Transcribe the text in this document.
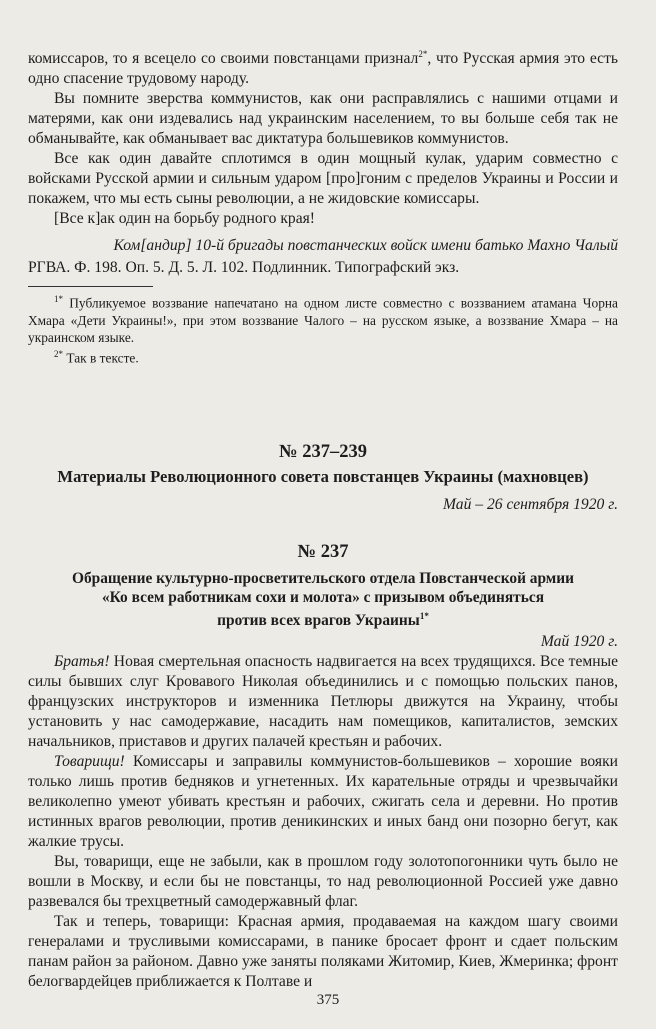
комиссаров, то я всецело со своими повстанцами признал$^{2*}$, что Русская армия это есть одно спасение трудовому народу.

Вы помните зверства коммунистов, как они расправлялись с нашими отцами и матерями, как они издевались над украинским населением, то вы больше себя так не обманывайте, как обманывает вас диктатура большевиков коммунистов.

Все как один давайте сплотимся в один мощный кулак, ударим совместно с войсками Русской армии и сильным ударом [про]гоним с пределов Украины и России и покажем, что мы есть сыны революции, а не жидовские комиссары.

[Все к]ак один на борьбу родного края!

Ком[андир] 10-й бригады повстанческих войск имени батько Махно Чалый

РГВА. Ф. 198. Оп. 5. Д. 5. Л. 102. Подлинник. Типографский экз.

$^{1*}$ Публикуемое воззвание напечатано на одном листе совместно с воззванием атамана Чорна Хмара «Дети Украины!», при этом воззвание Чалого – на русском языке, а воззвание Хмара – на украинском языке.

$^{2*}$ Так в тексте.

№ 237–239
Материалы Революционного совета повстанцев Украины (махновцев)

Май – 26 сентября 1920 г.

№ 237
Обращение культурно-просветительского отдела Повстанческой армии
«Ко всем работникам сохи и молота» с призывом объединяться
против всех врагов Украины$^{1*}$

Май 1920 г.

Братья! Новая смертельная опасность надвигается на всех трудящихся. Все темные силы бывших слуг Кровавого Николая объединились и с помощью польских панов, французских инструкторов и изменника Петлюры движутся на Украину, чтобы установить у нас самодержавие, насадить нам помещиков, капиталистов, земских начальников, приставов и других палачей крестьян и рабочих.

Товарищи! Комиссары и заправилы коммунистов-большевиков – хорошие вояки только лишь против бедняков и угнетенных. Их карательные отряды и чрезвычайки великолепно умеют убивать крестьян и рабочих, сжигать села и деревни. Но против истинных врагов революции, против деникинских и иных банд они позорно бегут, как жалкие трусы.

Вы, товарищи, еще не забыли, как в прошлом году золотопогонники чуть было не вошли в Москву, и если бы не повстанцы, то над революционной Россией уже давно развевался бы трехцветный самодержавный флаг.

Так и теперь, товарищи: Красная армия, продаваемая на каждом шагу своими генералами и трусливыми комиссарами, в панике бросает фронт и сдает польским панам район за районом. Давно уже заняты поляками Житомир, Киев, Жмеринка; фронт белогвардейцев приближается к Полтаве и

375
